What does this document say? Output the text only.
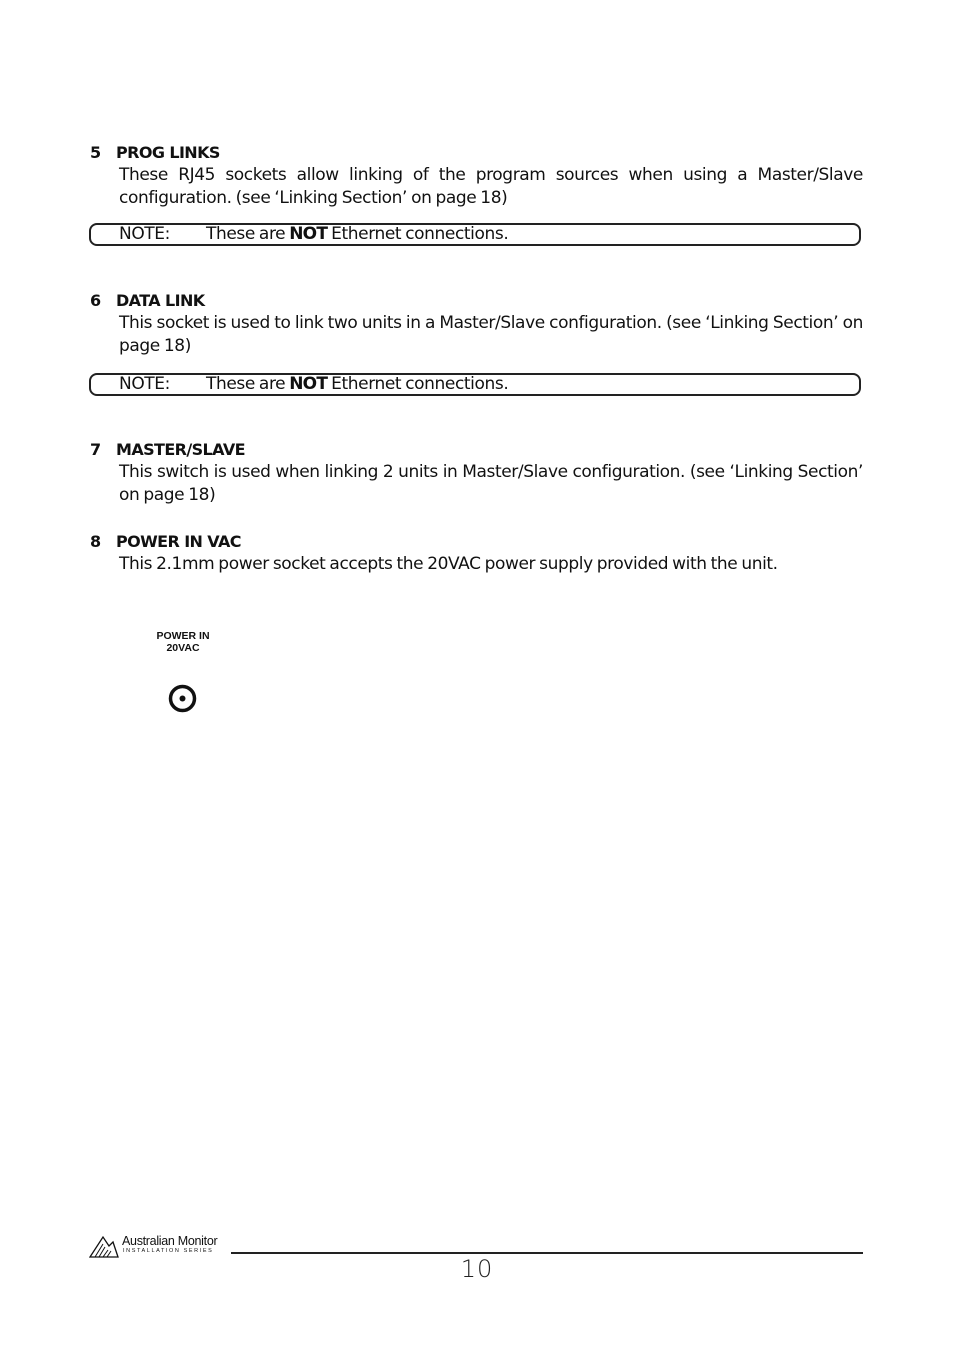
5 PROG LINKS
These RJ45 sockets allow linking of the program sources when using a Master/Slave configuration. (see ‘Linking Section’ on page 18)
NOTE: These are NOT Ethernet connections.
6 DATA LINK
This socket is used to link two units in a Master/Slave configuration. (see ‘Linking Section’ on page 18)
NOTE: These are NOT Ethernet connections.
7 MASTER/SLAVE
This switch is used when linking 2 units in Master/Slave configuration. (see ‘Linking Section’ on page 18)
8 POWER IN VAC
This 2.1mm power socket accepts the 20VAC power supply provided with the unit.
POWER IN
20VAC
Australian Monitor
INSTALLATION SERIES
10
